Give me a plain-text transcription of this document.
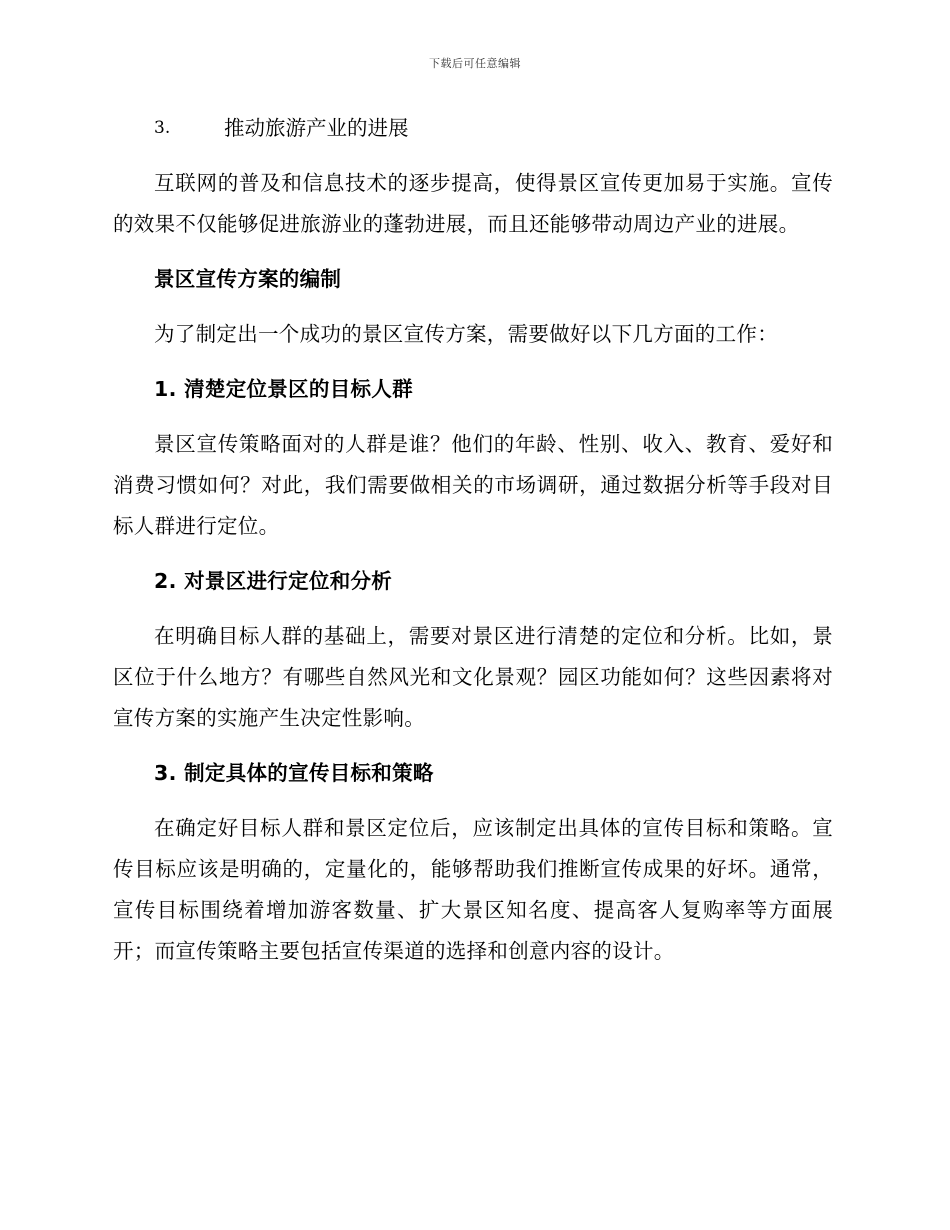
下载后可任意编辑
3.	推动旅游产业的进展

互联网的普及和信息技术的逐步提高，使得景区宣传更加易于实施。宣传的效果不仅能够促进旅游业的蓬勃进展，而且还能够带动周边产业的进展。

景区宣传方案的编制

为了制定出一个成功的景区宣传方案，需要做好以下几方面的工作：

1. 清楚定位景区的目标人群

景区宣传策略面对的人群是谁？他们的年龄、性别、收入、教育、爱好和消费习惯如何？对此，我们需要做相关的市场调研，通过数据分析等手段对目标人群进行定位。

2. 对景区进行定位和分析

在明确目标人群的基础上，需要对景区进行清楚的定位和分析。比如，景区位于什么地方？有哪些自然风光和文化景观？园区功能如何？这些因素将对宣传方案的实施产生决定性影响。

3. 制定具体的宣传目标和策略

在确定好目标人群和景区定位后，应该制定出具体的宣传目标和策略。宣传目标应该是明确的，定量化的，能够帮助我们推断宣传成果的好坏。通常，宣传目标围绕着增加游客数量、扩大景区知名度、提高客人复购率等方面展开；而宣传策略主要包括宣传渠道的选择和创意内容的设计。
